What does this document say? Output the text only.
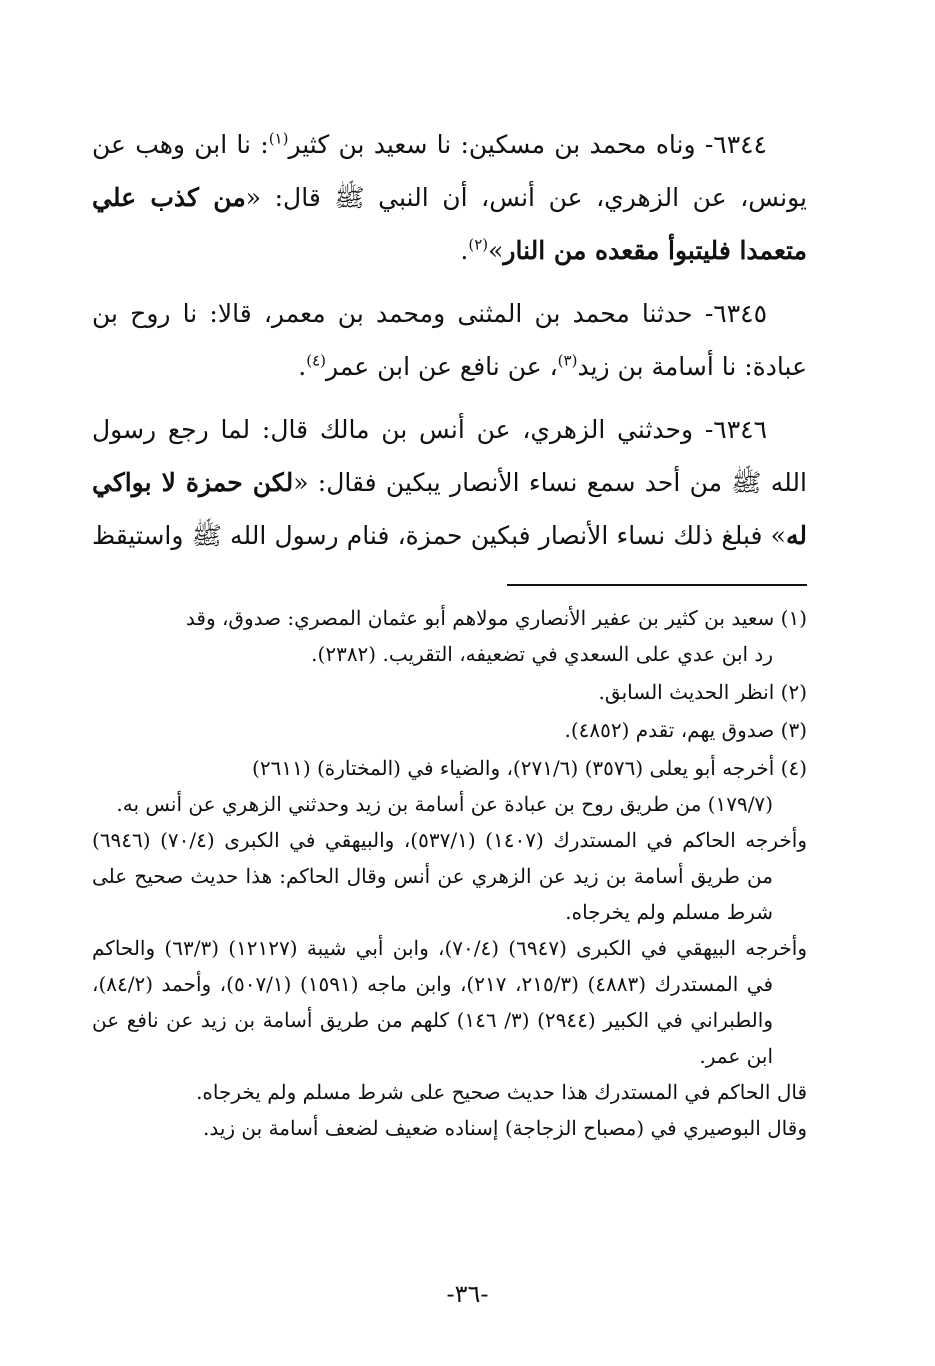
٦٣٤٤- وناه محمد بن مسكين: نا سعيد بن كثير$^{(١)}$: نا ابن وهب عن يونس، عن الزهري، عن أنس، أن النبي ﷺ قال: «من كذب علي متعمدا فليتبوأ مقعده من النار»$^{(٢)}$.

٦٣٤٥- حدثنا محمد بن المثنى ومحمد بن معمر، قالا: نا روح بن عبادة: نا أسامة بن زيد$^{(٣)}$، عن نافع عن ابن عمر$^{(٤)}$.

٦٣٤٦- وحدثني الزهري، عن أنس بن مالك قال: لما رجع رسول الله ﷺ من أحد سمع نساء الأنصار يبكين فقال: «لكن حمزة لا بواكي له» فبلغ ذلك نساء الأنصار فبكين حمزة، فنام رسول الله ﷺ واستيقظ

(١) سعيد بن كثير بن عفير الأنصاري مولاهم أبو عثمان المصري: صدوق، وقد
رد ابن عدي على السعدي في تضعيفه، التقريب. (٢٣٨٢).
(٢) انظر الحديث السابق.
(٣) صدوق يهم، تقدم (٤٨٥٢).
(٤) أخرجه أبو يعلى (٣٥٧٦) (٢٧١/٦)، والضياء في (المختارة) (٢٦١١)
(١٧٩/٧) من طريق روح بن عبادة عن أسامة بن زيد وحدثني الزهري عن أنس به.

وأخرجه الحاكم في المستدرك (١٤٠٧) (٥٣٧/١)، والبيهقي في الكبرى (٧٠/٤) (٦٩٤٦) من طريق أسامة بن زيد عن الزهري عن أنس وقال الحاكم: هذا حديث صحيح على شرط مسلم ولم يخرجاه.

وأخرجه البيهقي في الكبرى (٦٩٤٧) (٧٠/٤)، وابن أبي شيبة (١٢١٢٧) (٦٣/٣) والحاكم في المستدرك (٤٨٨٣) (٢١٥/٣، ٢١٧)، وابن ماجه (١٥٩١) (٥٠٧/١)، وأحمد (٨٤/٢)، والطبراني في الكبير (٢٩٤٤) (٣/ ١٤٦) كلهم من طريق أسامة بن زيد عن نافع عن ابن عمر.

قال الحاكم في المستدرك هذا حديث صحيح على شرط مسلم ولم يخرجاه.

وقال البوصيري في (مصباح الزجاجة) إسناده ضعيف لضعف أسامة بن زيد.

-٣٦-
